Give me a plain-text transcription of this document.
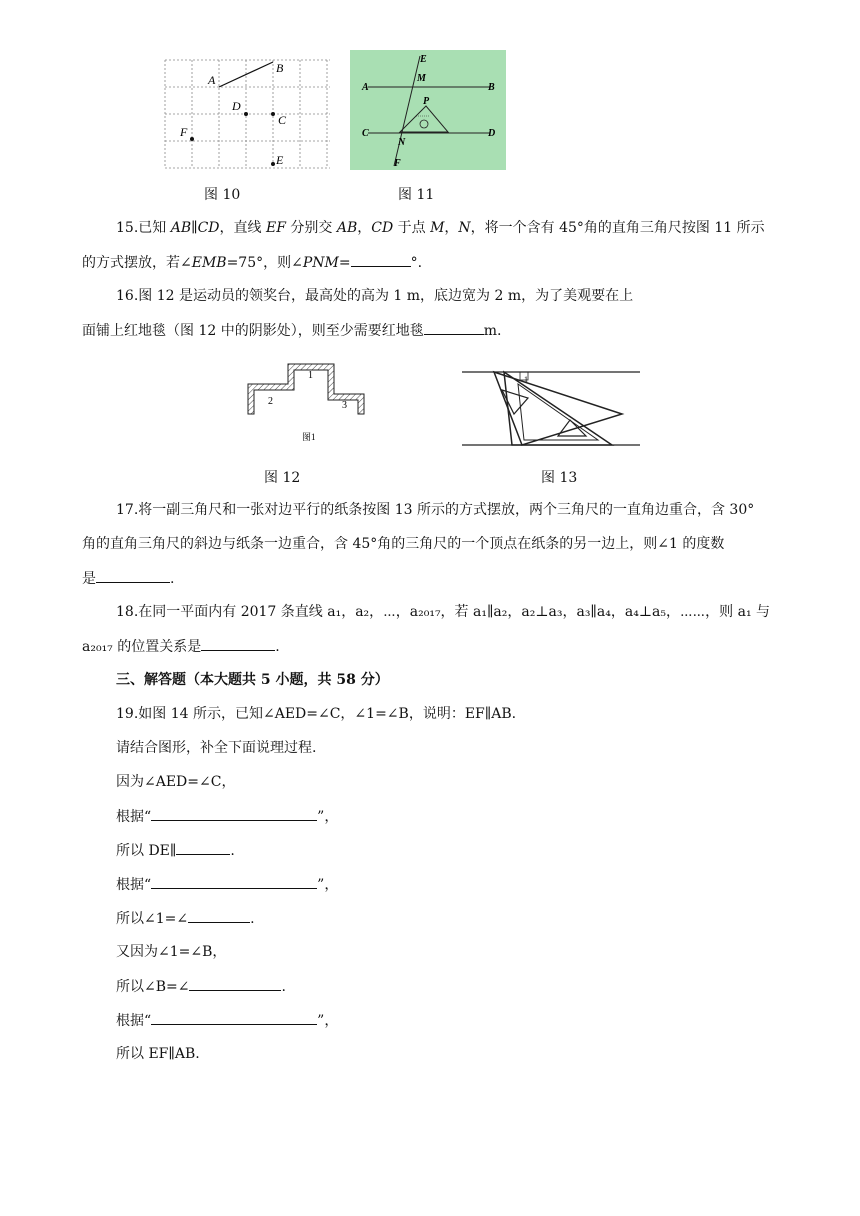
A
B
D
C
F
E
图 10
E
M
A	B
P
C
N
D
F
图 11
15.已知 AB∥CD，直线 EF 分别交 AB，CD 于点 M，N，将一个含有 45°角的直角三角尺按图 11 所示
的方式摆放，若∠EMB=75°，则∠PNM=	°.
16.图 12 是运动员的领奖台，最高处的高为 1 m，底边宽为 2 m，为了美观要在上
面铺上红地毯（图 12 中的阴影处），则至少需要红地毯	m.
1
2	3
图1
图 12
1
图 13
17.将一副三角尺和一张对边平行的纸条按图 13 所示的方式摆放，两个三角尺的一直角边重合，含 30°
角的直角三角尺的斜边与纸条一边重合，含 45°角的三角尺的一个顶点在纸条的另一边上，则∠1 的度数
是	.
18.在同一平面内有 2017 条直线 a₁，a₂，⋯，a₂₀₁₇，若 a₁∥a₂，a₂⊥a₃，a₃∥a₄，a₄⊥a₅，⋯⋯，则 a₁ 与
a₂₀₁₇ 的位置关系是	.
三、解答题（本大题共 5 小题，共 58 分）
19.如图 14 所示，已知∠AED=∠C，∠1=∠B，说明：EF∥AB.
请结合图形，补全下面说理过程.
因为∠AED=∠C，
根据“	”，
所以 DE∥	.
根据“	”，
所以∠1=∠	.
又因为∠1=∠B，
所以∠B=∠	.
根据“	”，
所以 EF∥AB.
